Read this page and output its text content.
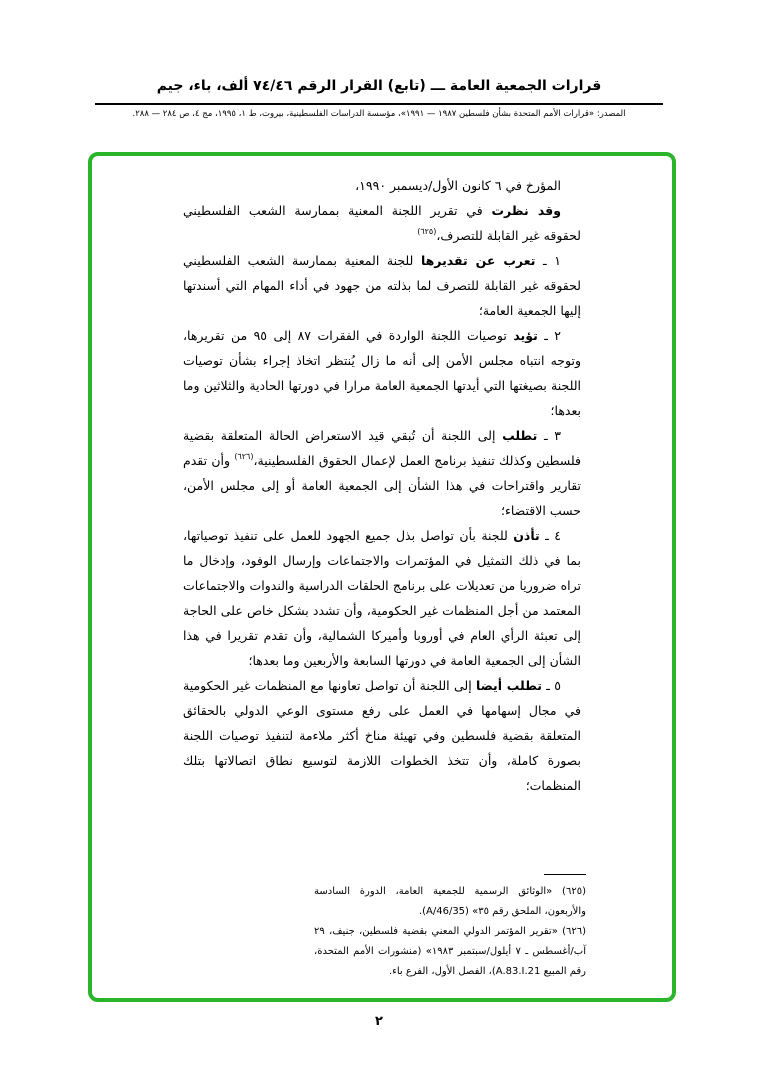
قرارات الجمعية العامة ـــ (تابع) القرار الرقم ٧٤/٤٦ ألف، باء، جيم
المصدر: «قرارات الأمم المتحدة بشأن فلسطين ١٩٨٧ — ١٩٩١»، مؤسسة الدراسات الفلسطينية، بيروت، ط ١، ١٩٩٥، مج ٤، ص ٢٨٤ — ٢٨٨.

المؤرخ في ٦ كانون الأول/ديسمبر ١٩٩٠،

وقد نظرت في تقرير اللجنة المعنية بممارسة الشعب الفلسطيني لحقوقه غير القابلة للتصرف،$^{(٦٢٥)}$

١ ـ تعرب عن تقديرها للجنة المعنية بممارسة الشعب الفلسطيني لحقوقه غير القابلة للتصرف لما بذلته من جهود في أداء المهام التي أسندتها إليها الجمعية العامة؛

٢ ـ تؤيد توصيات اللجنة الواردة في الفقرات ٨٧ إلى ٩٥ من تقريرها، وتوجه انتباه مجلس الأمن إلى أنه ما زال يُنتظر اتخاذ إجراء بشأن توصيات اللجنة بصيغتها التي أيدتها الجمعية العامة مرارا في دورتها الحادية والثلاثين وما بعدها؛

٣ ـ تطلب إلى اللجنة أن تُبقي قيد الاستعراض الحالة المتعلقة بقضية فلسطين وكذلك تنفيذ برنامج العمل لإعمال الحقوق الفلسطينية،$^{(٦٢٦)}$ وأن تقدم تقارير واقتراحات في هذا الشأن إلى الجمعية العامة أو إلى مجلس الأمن، حسب الاقتضاء؛

٤ ـ تأذن للجنة بأن تواصل بذل جميع الجهود للعمل على تنفيذ توصياتها، بما في ذلك التمثيل في المؤتمرات والاجتماعات وإرسال الوفود، وإدخال ما تراه ضروريا من تعديلات على برنامج الحلقات الدراسية والندوات والاجتماعات المعتمد من أجل المنظمات غير الحكومية، وأن تشدد بشكل خاص على الحاجة إلى تعبئة الرأي العام في أوروبا وأميركا الشمالية، وأن تقدم تقريرا في هذا الشأن إلى الجمعية العامة في دورتها السابعة والأربعين وما بعدها؛

٥ ـ تطلب أيضا إلى اللجنة أن تواصل تعاونها مع المنظمات غير الحكومية في مجال إسهامها في العمل على رفع مستوى الوعي الدولي بالحقائق المتعلقة بقضية فلسطين وفي تهيئة مناخ أكثر ملاءمة لتنفيذ توصيات اللجنة بصورة كاملة، وأن تتخذ الخطوات اللازمة لتوسيع نطاق اتصالاتها بتلك المنظمات؛

(٦٢٥) «الوثائق الرسمية للجمعية العامة، الدورة السادسة والأربعون، الملحق رقم ٣٥» ‎(A/46/35)‎.

(٦٢٦) «تقرير المؤتمر الدولي المعني بقضية فلسطين، جنيف، ٢٩ آب/أغسطس ـ ٧ أيلول/سبتمبر ١٩٨٣» (منشورات الأمم المتحدة، رقم المبيع ‎A.83.I.21‎)، الفصل الأول، الفرع باء.

٢
